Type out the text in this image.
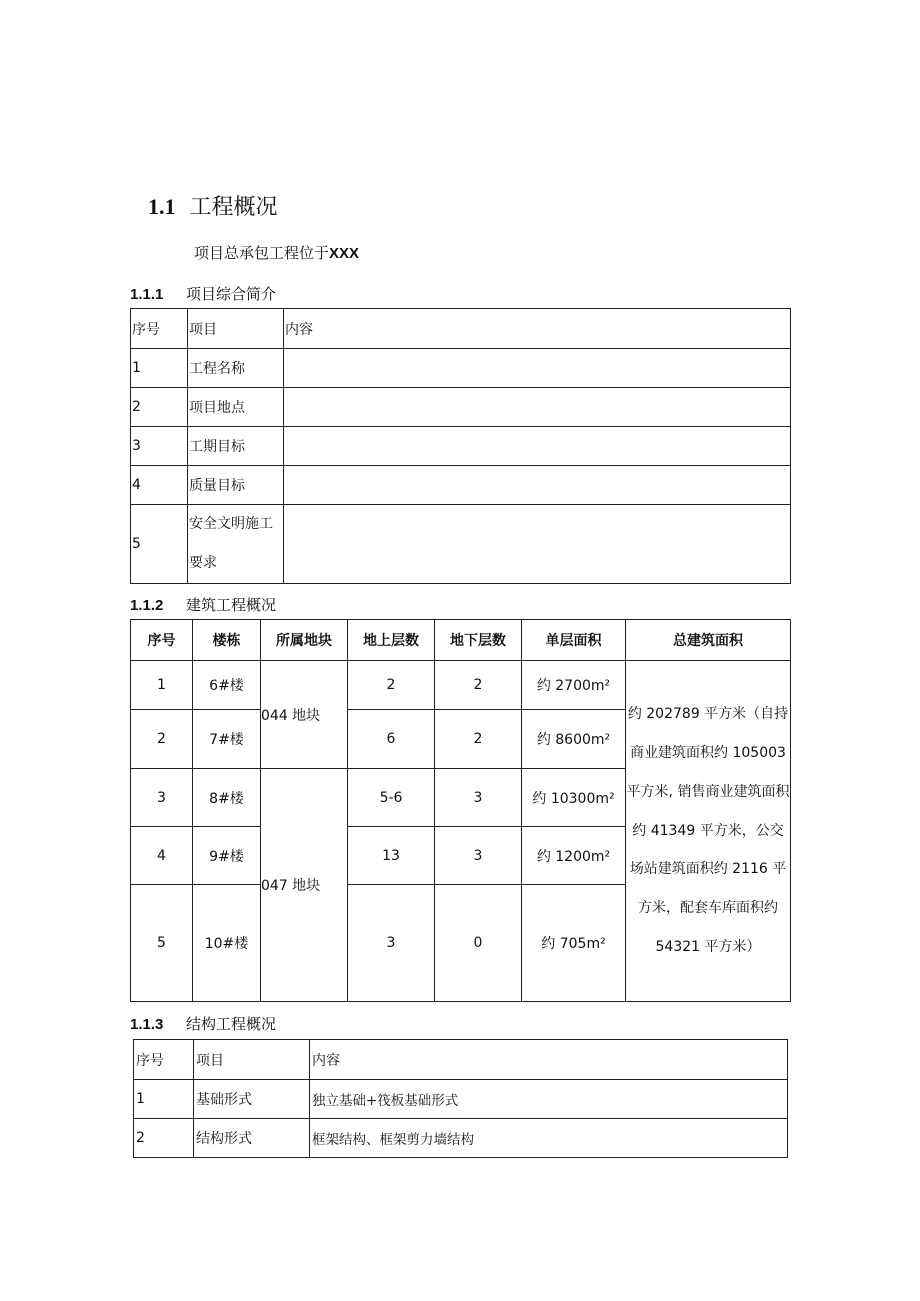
1.1 工程概况
项目总承包工程位于XXX
1.1.1 项目综合简介
序号	项目	内容
1	工程名称	
2	项目地点	
3	工期目标	
4	质量目标	
5	安全文明施工要求	
1.1.2 建筑工程概况
序号	楼栋	所属地块	地上层数	地下层数	单层面积	总建筑面积
1	6#楼	044 地块	2	2	约 2700m²	约 202789 平方米（自持商业建筑面积约 105003 平方米, 销售商业建筑面积约 41349 平方米，公交场站建筑面积约 2116 平方米，配套车库面积约 54321 平方米）
2	7#楼		6	2	约 8600m²	
3	8#楼	047 地块	5-6	3	约 10300m²	
4	9#楼		13	3	约 1200m²	
5	10#楼		3	0	约 705m²	
1.1.3 结构工程概况
序号	项目	内容
1	基础形式	独立基础+筏板基础形式
2	结构形式	框架结构、框架剪力墙结构
